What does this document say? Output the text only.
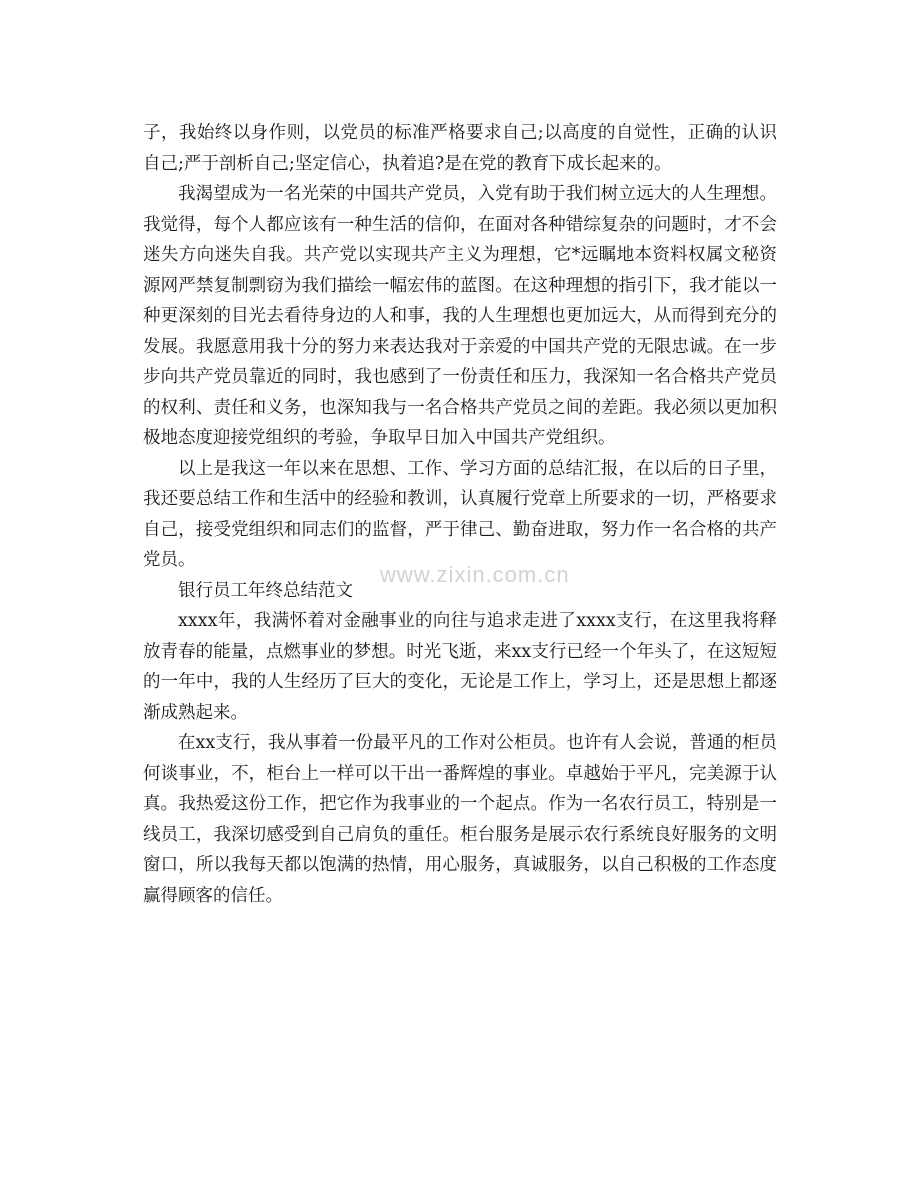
子，我始终以身作则，以党员的标准严格要求自己;以高度的自觉性，正确的认识自己;严于剖析自己;坚定信心，执着追?是在党的教育下成长起来的。

我渴望成为一名光荣的中国共产党员，入党有助于我们树立远大的人生理想。我觉得，每个人都应该有一种生活的信仰，在面对各种错综复杂的问题时，才不会迷失方向迷失自我。共产党以实现共产主义为理想，它*远瞩地本资料权属文秘资源网严禁复制剽窃为我们描绘一幅宏伟的蓝图。在这种理想的指引下，我才能以一种更深刻的目光去看待身边的人和事，我的人生理想也更加远大，从而得到充分的发展。我愿意用我十分的努力来表达我对于亲爱的中国共产党的无限忠诚。在一步步向共产党员靠近的同时，我也感到了一份责任和压力，我深知一名合格共产党员的权利、责任和义务，也深知我与一名合格共产党员之间的差距。我必须以更加积极地态度迎接党组织的考验，争取早日加入中国共产党组织。

以上是我这一年以来在思想、工作、学习方面的总结汇报，在以后的日子里，我还要总结工作和生活中的经验和教训，认真履行党章上所要求的一切，严格要求自己，接受党组织和同志们的监督，严于律己、勤奋进取，努力作一名合格的共产党员。

银行员工年终总结范文

xxxx年，我满怀着对金融事业的向往与追求走进了xxxx支行，在这里我将释放青春的能量，点燃事业的梦想。时光飞逝，来xx支行已经一个年头了，在这短短的一年中，我的人生经历了巨大的变化，无论是工作上，学习上，还是思想上都逐渐成熟起来。

在xx支行，我从事着一份最平凡的工作对公柜员。也许有人会说，普通的柜员何谈事业，不，柜台上一样可以干出一番辉煌的事业。卓越始于平凡，完美源于认真。我热爱这份工作，把它作为我事业的一个起点。作为一名农行员工，特别是一线员工，我深切感受到自己肩负的重任。柜台服务是展示农行系统良好服务的文明窗口，所以我每天都以饱满的热情，用心服务，真诚服务，以自己积极的工作态度赢得顾客的信任。

www.zixin.com.cn
